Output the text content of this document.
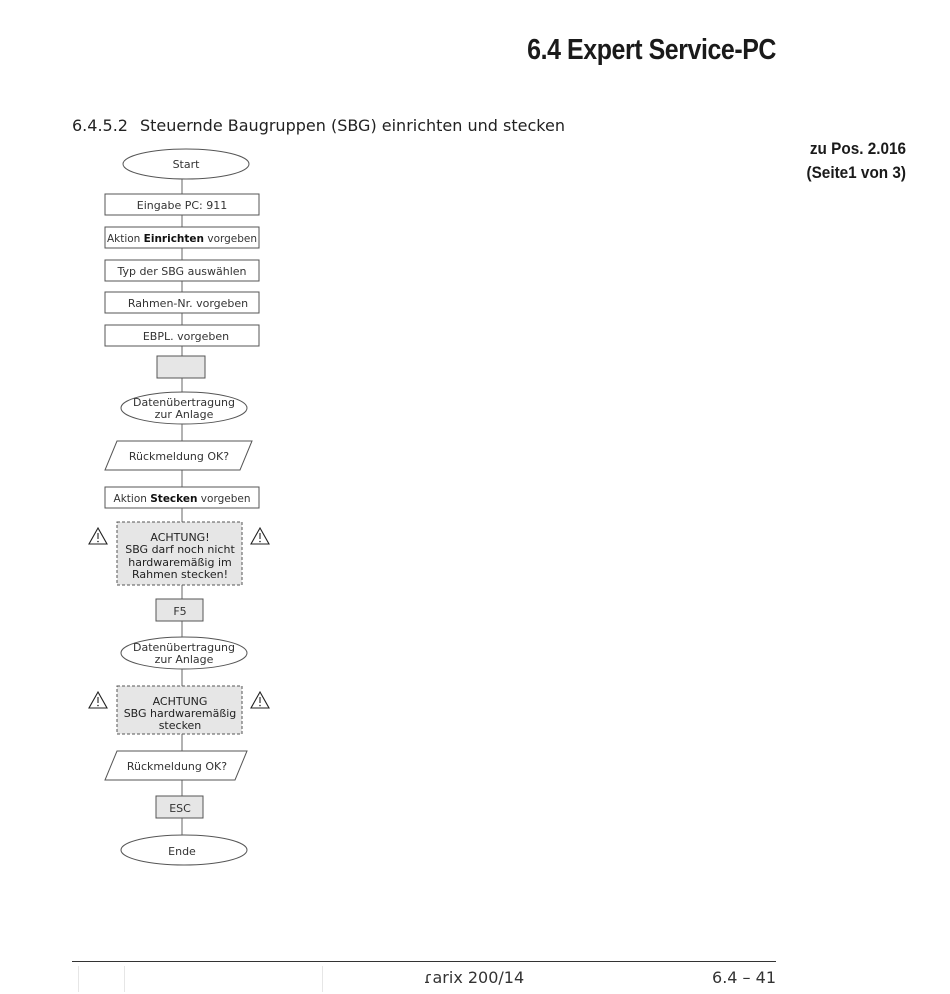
6.4 Expert Service-PC
6.4.5.2 Steuernde Baugruppen (SBG) einrichten und stecken
zu Pos. 2.016
(Seite1 von 3)
Start
Eingabe PC: 911
Aktion Einrichten vorgeben
Typ der SBG auswählen
Rahmen-Nr. vorgeben
EBPL. vorgeben
Datenübertragung
zur Anlage
Rückmeldung OK?
Aktion Stecken vorgeben
ACHTUNG!
SBG darf noch nicht
hardwaremäßig im
Rahmen stecken!
F5
Datenübertragung
zur Anlage
ACHTUNG
SBG hardwaremäßig
stecken
Rückmeldung OK?
ESC
Ende
ɾarix 200/14	6.4 – 41
